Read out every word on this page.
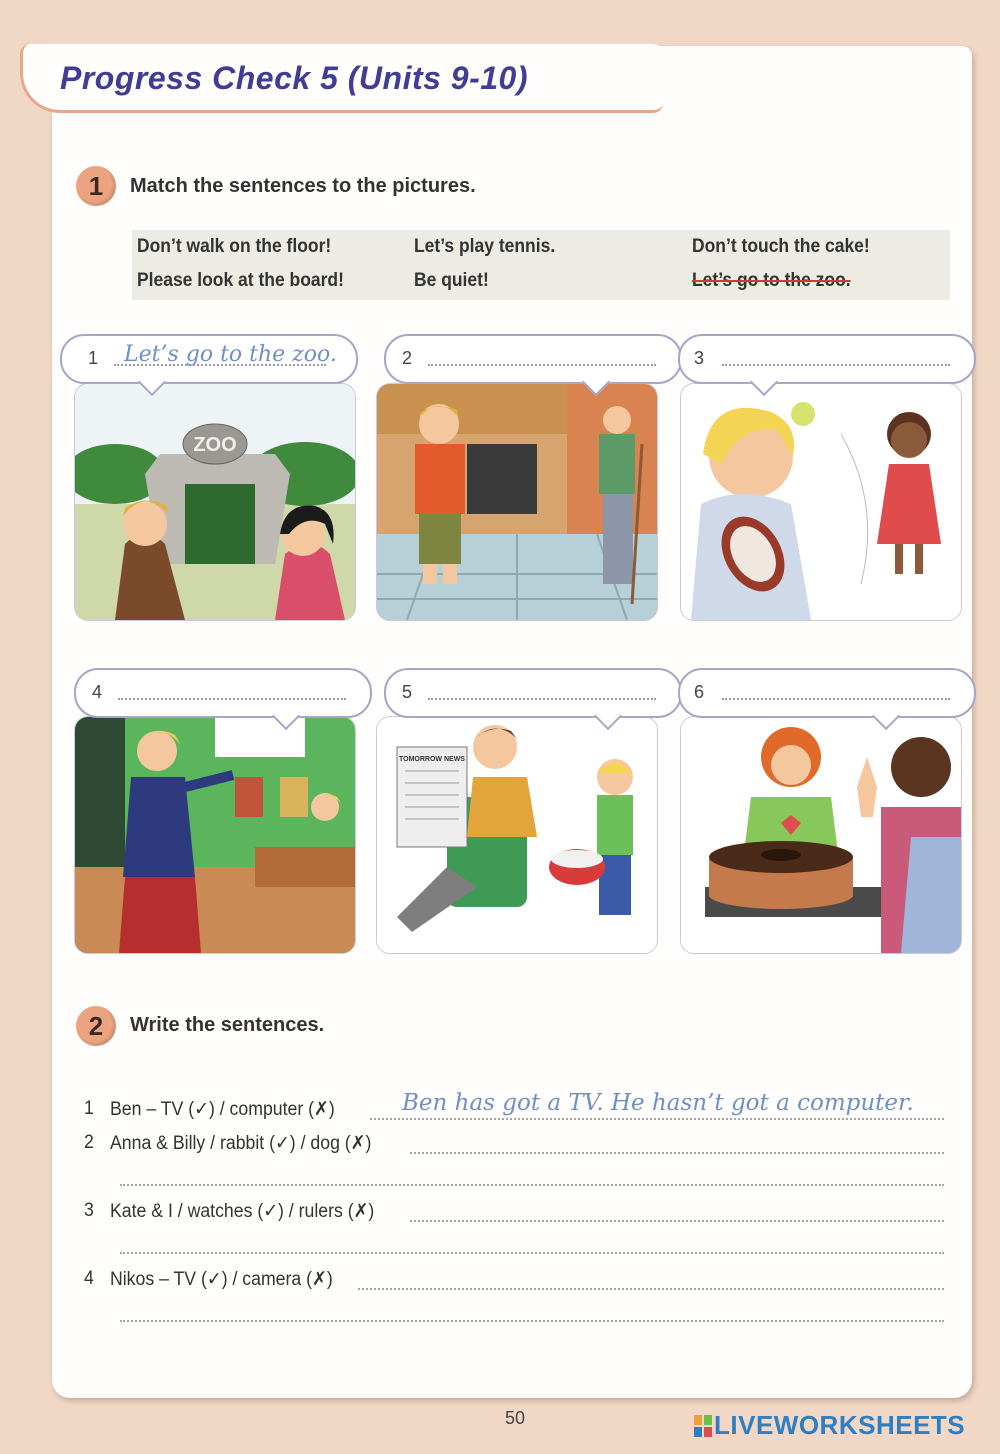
Progress Check 5 (Units 9-10)
1	Match the sentences to the pictures.
Don’t walk on the floor!	Let’s play tennis.	Don’t touch the cake!
Please look at the board!	Be quiet!	Let’s go to the zoo.
ZOO
1 Let’s go to the zoo.	2	3
4
TOMORROW NEWS
5	6
2	Write the sentences.
1 Ben – TV (✓) / computer (✗)	Ben has got a TV. He hasn’t got a computer.
2 Anna & Billy / rabbit (✓) / dog (✗)
3 Kate & I / watches (✓) / rulers (✗)
4 Nikos – TV (✓) / camera (✗)
50	LIVEWORKSHEETS
